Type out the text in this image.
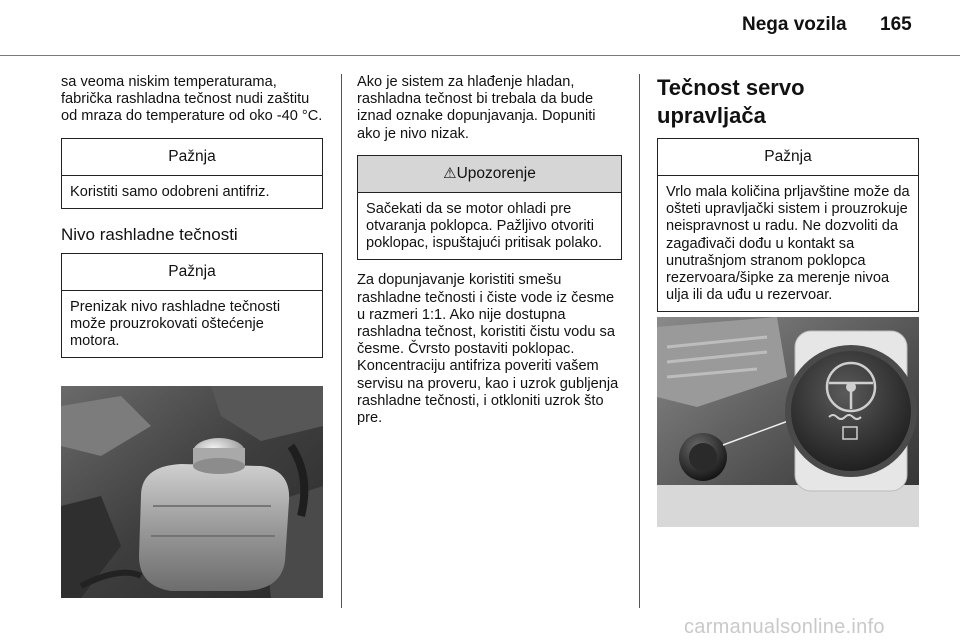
Nega vozila 165

sa veoma niskim temperaturama, fabrička rashladna tečnost nudi zaštitu od mraza do temperature od oko -40 °C.

Pažnja
Koristiti samo odobreni antifriz.
Nivo rashladne tečnosti
Pažnja
Prenizak nivo rashladne tečnosti može prouzrokovati oštećenje motora.

Ako je sistem za hlađenje hladan, rashladna tečnost bi trebala da bude iznad oznake dopunjavanja. Dopuniti ako je nivo nizak.

⚠Upozorenje
Sačekati da se motor ohladi pre otvaranja poklopca. Pažljivo otvoriti poklopac, ispuštajući pritisak polako.

Za dopunjavanje koristiti smešu rashladne tečnosti i čiste vode iz česme u razmeri 1:1. Ako nije dostupna rashladna tečnost, koristiti čistu vodu sa česme. Čvrsto postaviti poklopac. Koncentraciju antifriza poveriti vašem servisu na proveru, kao i uzrok gubljenja rashladne tečnosti, i otkloniti uzrok što pre.

Tečnost servo upravljača
Pažnja
Vrlo mala količina prljavštine može da ošteti upravljački sistem i prouzrokuje neispravnost u radu. Ne dozvoliti da zagađivači dođu u kontakt sa unutrašnjom stranom poklopca rezervoara/šipke za merenje nivoa ulja ili da uđu u rezervoar.
carmanualsonline.info
